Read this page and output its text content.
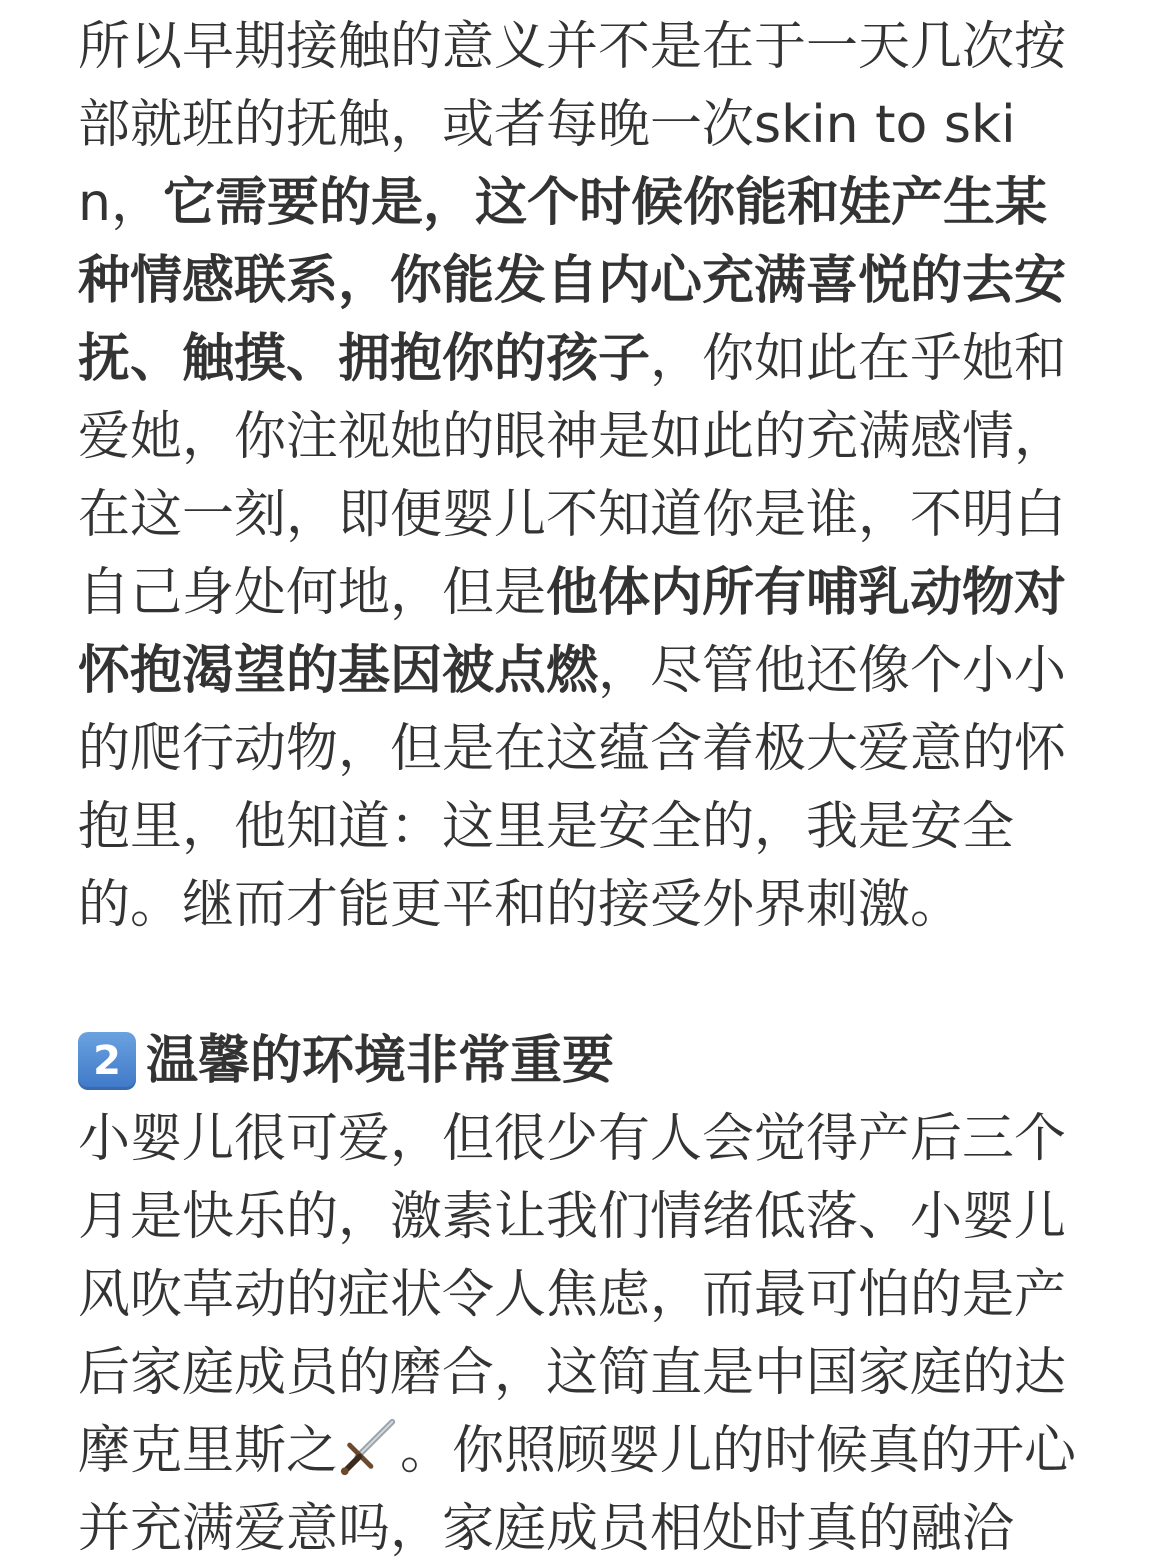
所以早期接触的意义并不是在于一天几次按部就班的抚触，或者每晚一次skin to skin，它需要的是，这个时候你能和娃产生某种情感联系，你能发自内心充满喜悦的去安抚、触摸、拥抱你的孩子，你如此在乎她和爱她，你注视她的眼神是如此的充满感情，在这一刻，即便婴儿不知道你是谁，不明白自己身处何地，但是他体内所有哺乳动物对怀抱渴望的基因被点燃，尽管他还像个小小的爬行动物，但是在这蕴含着极大爱意的怀抱里，他知道：这里是安全的，我是安全的。继而才能更平和的接受外界刺激。

2 温馨的环境非常重要

小婴儿很可爱，但很少有人会觉得产后三个月是快乐的，激素让我们情绪低落、小婴儿风吹草动的症状令人焦虑，而最可怕的是产后家庭成员的磨合，这简直是中国家庭的达摩克里斯之 。你照顾婴儿的时候真的开心并充满爱意吗，家庭成员相处时真的融洽
